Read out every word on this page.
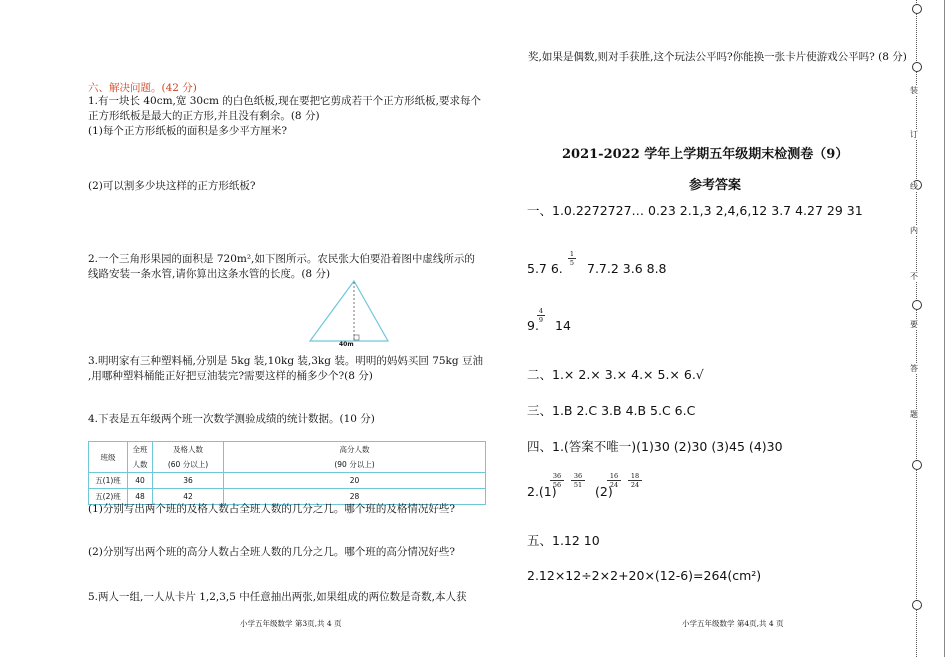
六、解决问题。(42 分)
1.有一块长 40cm,宽 30cm 的白色纸板,现在要把它剪成若干个正方形纸板,要求每个
正方形纸板是最大的正方形,并且没有剩余。(8 分)
(1)每个正方形纸板的面积是多少平方厘米?
(2)可以割多少块这样的正方形纸板?
2.一个三角形果园的面积是 720m²,如下图所示。农民张大伯要沿着图中虚线所示的
线路安装一条水管,请你算出这条水管的长度。(8 分)
40m
3.明明家有三种塑料桶,分别是 5kg 装,10kg 装,3kg 装。明明的妈妈买回 75kg 豆油
,用哪种塑料桶能正好把豆油装完?需要这样的桶多少个?(8 分)
4.下表是五年级两个班一次数学测验成绩的统计数据。(10 分)
班级	全班	及格人数	高分人数
	人数	(60 分以上)	(90 分以上)
五(1)班	40	36	20
五(2)班	48	42	28
(1)分别写出两个班的及格人数占全班人数的几分之几。哪个班的及格情况好些?
(2)分别写出两个班的高分人数占全班人数的几分之几。哪个班的高分情况好些?
5.两人一组,一人从卡片 1,2,3,5 中任意抽出两张,如果组成的两位数是奇数,本人获
小学五年级数学 第3页,共 4 页
奖,如果是偶数,则对手获胜,这个玩法公平吗?你能换一张卡片使游戏公平吗? (8 分)
2021-2022 学年上学期五年级期末检测卷（9）
参考答案
一、1.0.2272727… 0.23 2.1,3 2,4,6,12 3.7 4.27 29 31
5.7 6.
1
5 7.7.2 3.6 8.8
9.
4
9 14
二、1.× 2.× 3.× 4.× 5.× 6.√
三、1.B 2.C 3.B 4.B 5.C 6.C
四、1.(答案不唯一)(1)30 (2)30 (3)45 (4)30
2.(1)
36
56
36
51 (2)
16
24
18
24
五、1.12 10
2.12×12÷2×2+20×(12-6)=264(cm²)
小学五年级数学 第4页,共 4 页
装
订
线
内
不
要
答
题
